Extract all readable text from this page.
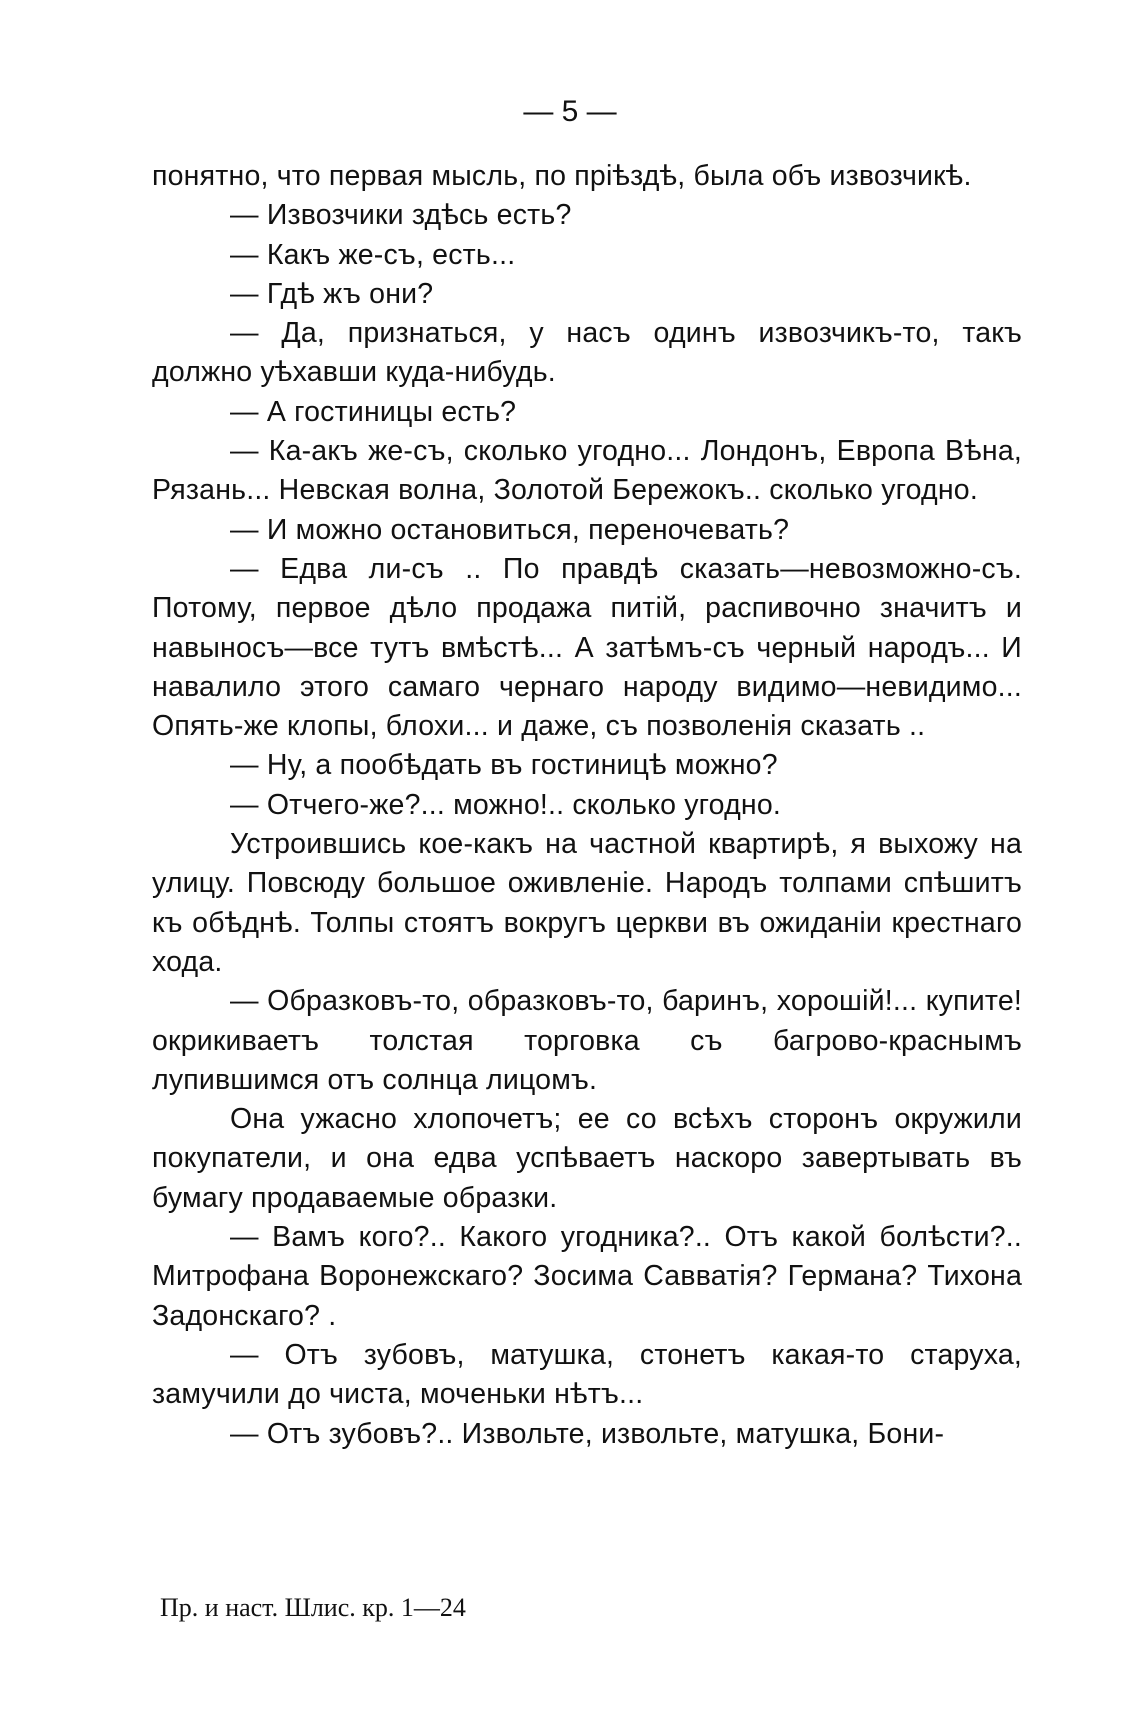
— 5 —

понятно, что первая мысль, по пріѣздѣ, была объ извозчикѣ.

— Извозчики здѣсь есть?

— Какъ же-съ, есть...

— Гдѣ жъ они?

— Да, признаться, у насъ одинъ извозчикъ-то, такъ должно уѣхавши куда-нибудь.

— А гостиницы есть?

— Ка-акъ же-съ, сколько угодно... Лондонъ, Европа Вѣна, Рязань... Невская волна, Золотой Бережокъ.. сколько угодно.

— И можно остановиться, переночевать?

— Едва ли-съ .. По правдѣ сказать—невозможно-съ. Потому, первое дѣло продажа питій, распивочно значитъ и навыносъ—все тутъ вмѣстѣ... А затѣмъ-съ черный народъ... И навалило этого самаго чернаго народу видимо—невидимо... Опять-же клопы, блохи... и даже, съ позволенія сказать ..

— Ну, а пообѣдать въ гостиницѣ можно?

— Отчего-же?... можно!.. сколько угодно.

Устроившись кое-какъ на частной квартирѣ, я выхожу на улицу. Повсюду большое оживленіе. Народъ толпами спѣшитъ къ обѣднѣ. Толпы стоятъ вокругъ церкви въ ожиданіи крестнаго хода.

— Образковъ-то, образковъ-то, баринъ, хорошій!... купите! окрикиваетъ толстая торговка съ багрово-краснымъ лупившимся отъ солнца лицомъ.

Она ужасно хлопочетъ; ее со всѣхъ сторонъ окружили покупатели, и она едва успѣваетъ наскоро завертывать въ бумагу продаваемые образки.

— Вамъ кого?.. Какого угодника?.. Отъ какой болѣсти?.. Митрофана Воронежскаго? Зосима Савватія? Германа? Тихона Задонскаго? .

— Отъ зубовъ, матушка, стонетъ какая-то старуха, замучили до чиста, моченьки нѣтъ...

— Отъ зубовъ?.. Извольте, извольте, матушка, Бони-

Пр. и наст. Шлис. кр. 1—24
